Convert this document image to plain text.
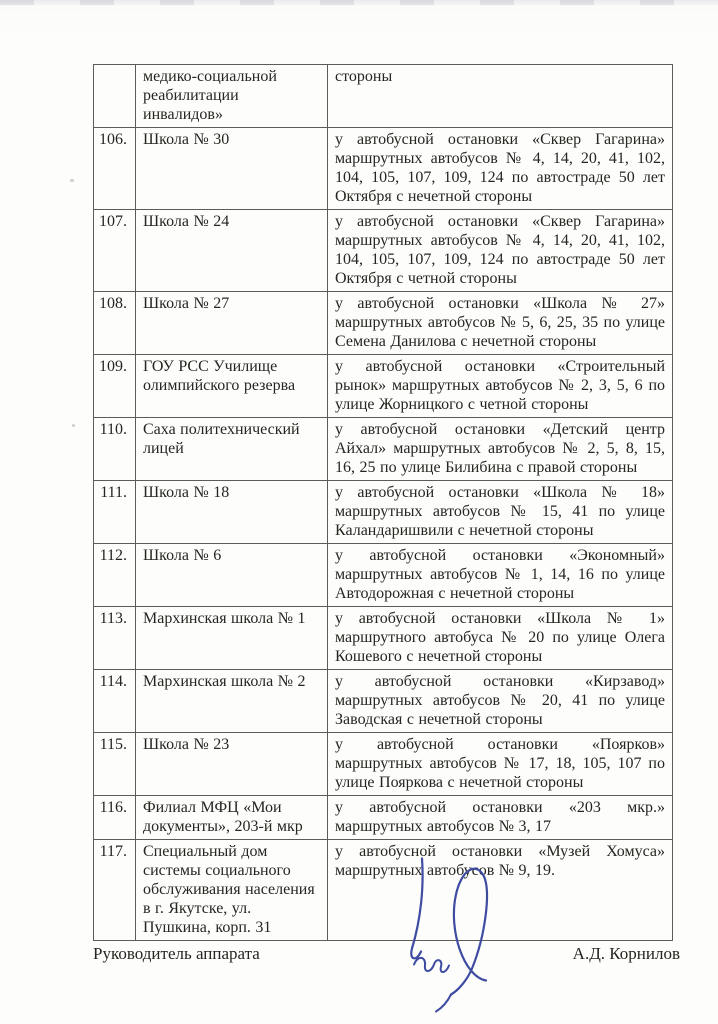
	медико-социальной реабилитации инвалидов»	стороны
106.	Школа № 30	у автобусной остановки «Сквер Гагарина» маршрутных автобусов № 4, 14, 20, 41, 102, 104, 105, 107, 109, 124 по автостраде 50 лет Октября с нечетной стороны
107.	Школа № 24	у автобусной остановки «Сквер Гагарина» маршрутных автобусов № 4, 14, 20, 41, 102, 104, 105, 107, 109, 124 по автостраде 50 лет Октября с четной стороны
108.	Школа № 27	у автобусной остановки «Школа № 27» маршрутных автобусов № 5, 6, 25, 35 по улице Семена Данилова с нечетной стороны
109.	ГОУ РСС Училище олимпийского резерва	у автобусной остановки «Строительный рынок» маршрутных автобусов № 2, 3, 5, 6 по улице Жорницкого с четной стороны
110.	Саха политехнический лицей	у автобусной остановки «Детский центр Айхал» маршрутных автобусов № 2, 5, 8, 15, 16, 25 по улице Билибина с правой стороны
111.	Школа № 18	у автобусной остановки «Школа № 18» маршрутных автобусов № 15, 41 по улице Каландаришвили с нечетной стороны
112.	Школа № 6	у автобусной остановки «Экономный» маршрутных автобусов № 1, 14, 16 по улице Автодорожная с нечетной стороны
113.	Мархинская школа № 1	у автобусной остановки «Школа № 1» маршрутного автобуса № 20 по улице Олега Кошевого с нечетной стороны
114.	Мархинская школа № 2	у автобусной остановки «Кирзавод» маршрутных автобусов № 20, 41 по улице Заводская с нечетной стороны
115.	Школа № 23	у автобусной остановки «Поярков» маршрутных автобусов № 17, 18, 105, 107 по улице Пояркова с нечетной стороны
116.	Филиал МФЦ «Мои документы», 203-й мкр	у автобусной остановки «203 мкр.» маршрутных автобусов № 3, 17
117.	Специальный дом системы социального обслуживания населения в г. Якутске, ул. Пушкина, корп. 31	у автобусной остановки «Музей Хомуса» маршрутных автобусов № 9, 19.
Руководитель аппарата	А.Д. Корнилов
